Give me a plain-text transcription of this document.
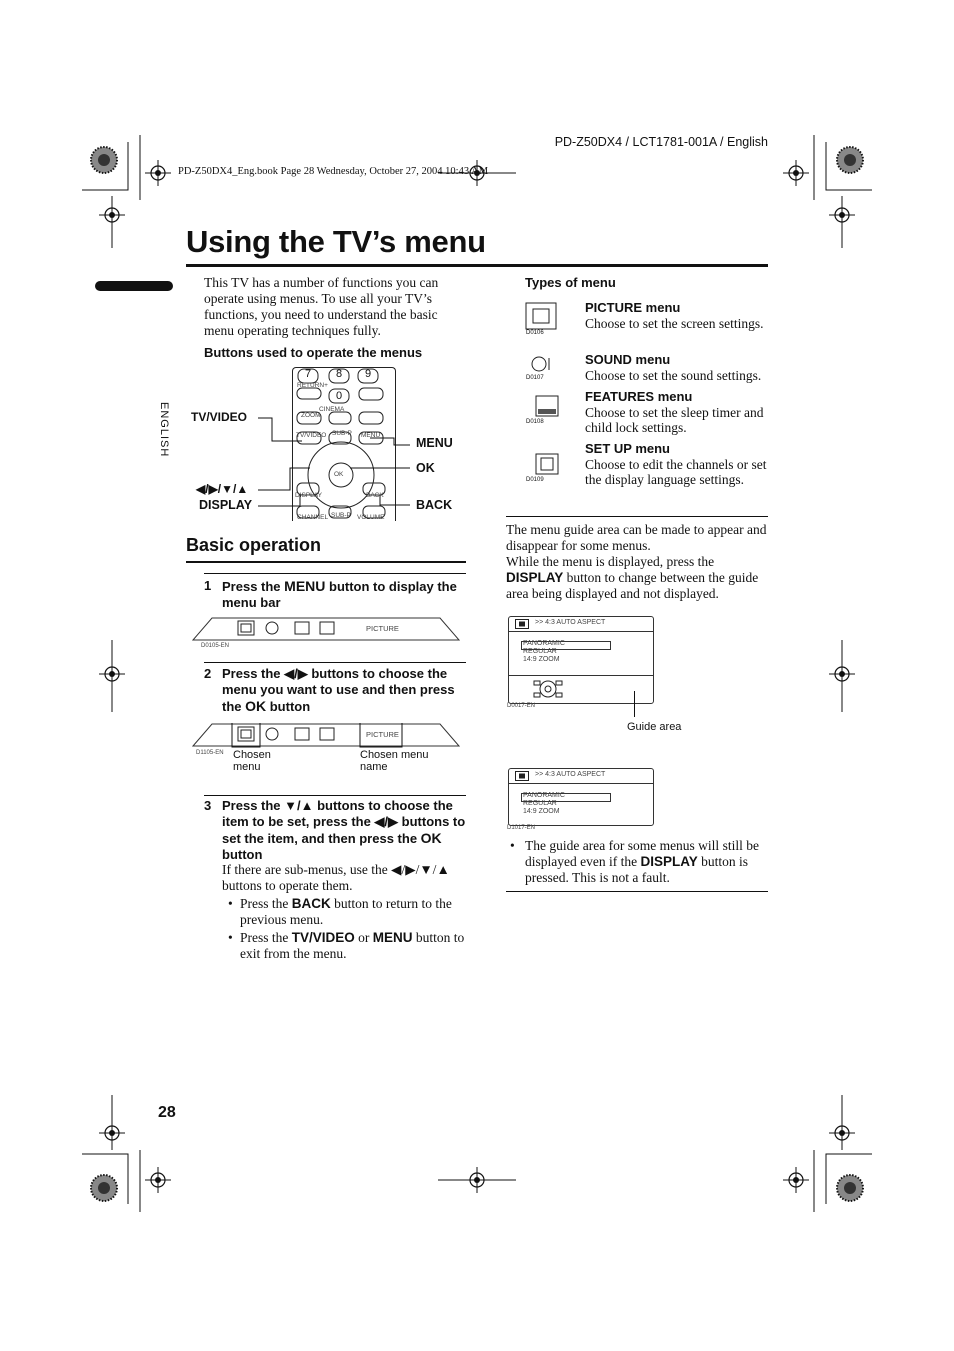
PD-Z50DX4 / LCT1781-001A / English
PD-Z50DX4_Eng.book Page 28 Wednesday, October 27, 2004 10:43 AM
Using the TV’s menu
ENGLISH
This TV has a number of functions you can operate using menus. To use all your TV’s functions, you need to understand the basic menu operating techniques fully.
Buttons used to operate the menus
7 8 9
0
RETURN+
CINEMA
ZOOM
TV/VIDEO SUB-P MENU
OK
DISPLAY	BACK
CHANNEL SUB-P VOLUME
TV/VIDEO
MENU
OK
◀/▶/▼/▲
DISPLAY	BACK
Basic operation
1 Press the MENU button to display the menu bar
PICTURE
D0105-EN
2 Press the ◀/▶ buttons to choose the menu you want to use and then press the OK button
PICTURE
D1105-EN Chosen menu
Chosen menu name
3 Press the ▼/▲ buttons to choose the item to be set, press the ◀/▶ buttons to set the item, and then press the OK button
If there are sub-menus, use the ◀/▶/▼/▲ buttons to operate them.
• Press the BACK button to return to the previous menu.
• Press the TV/VIDEO or MENU button to exit from the menu.
Types of menu
D0106
PICTURE menu
Choose to set the screen settings.
D0107
SOUND menu
Choose to set the sound settings.
D0108
FEATURES menu
Choose to set the sleep timer and child lock settings.
D0109
SET UP menu
Choose to edit the channels or set the display language settings.
The menu guide area can be made to appear and disappear for some menus.
While the menu is displayed, press the DISPLAY button to change between the guide area being displayed and not displayed.
>> 4:3 AUTO ASPECT
PANORAMIC
REGULAR
14:9 ZOOM
D0017-EN
Guide area
>> 4:3 AUTO ASPECT
PANORAMIC
REGULAR
14:9 ZOOM
D1017-EN
• The guide area for some menus will still be displayed even if the DISPLAY button is pressed. This is not a fault.
28
